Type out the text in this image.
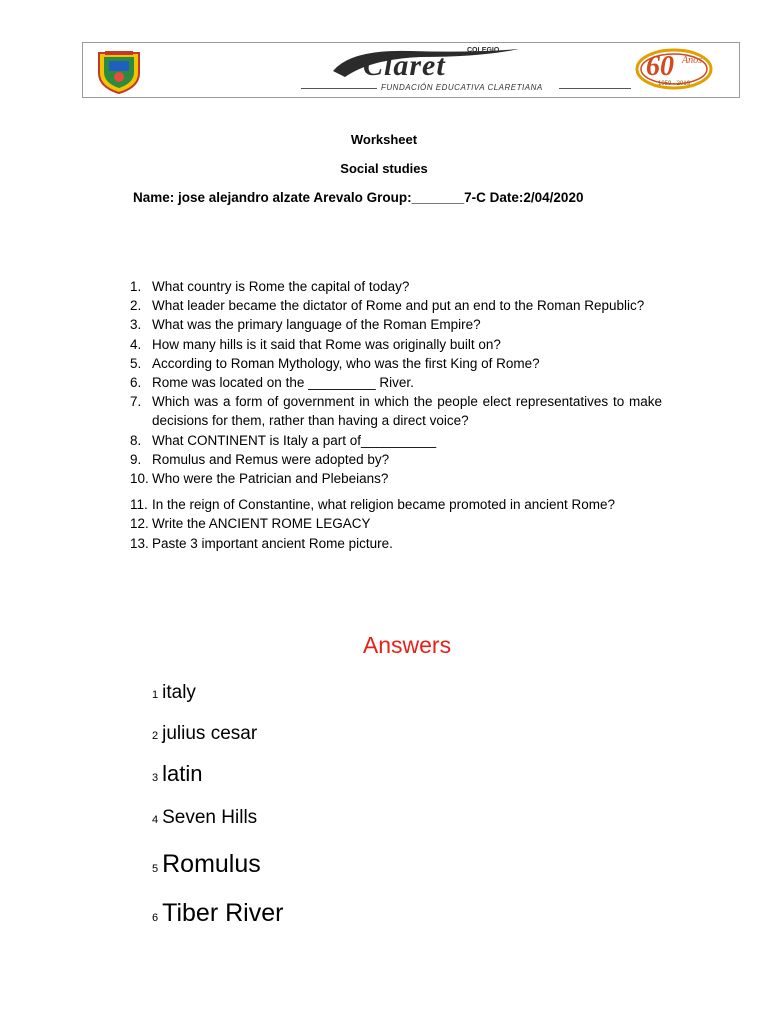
COLEGIO
Claret
FUNDACIÓN EDUCATIVA CLARETIANA
60 Años
1959 - 2019
Worksheet
Social studies
Name: jose alejandro alzate Arevalo Group:_______7-C Date:2/04/2020
1. What country is Rome the capital of today?
2. What leader became the dictator of Rome and put an end to the Roman Republic?
3. What was the primary language of the Roman Empire?
4. How many hills is it said that Rome was originally built on?
5. According to Roman Mythology, who was the first King of Rome?
6. Rome was located on the _________ River.
7. Which was a form of government in which the people elect representatives to make decisions for them, rather than having a direct voice?
8. What CONTINENT is Italy a part of__________
9. Romulus and Remus were adopted by?
10. Who were the Patrician and Plebeians?
11. In the reign of Constantine, what religion became promoted in ancient Rome?
12. Write the ANCIENT ROME LEGACY
13. Paste 3 important ancient Rome picture.
Answers
1 italy
2 julius cesar
3 latin
4 Seven Hills
5 Romulus
6 Tiber River
